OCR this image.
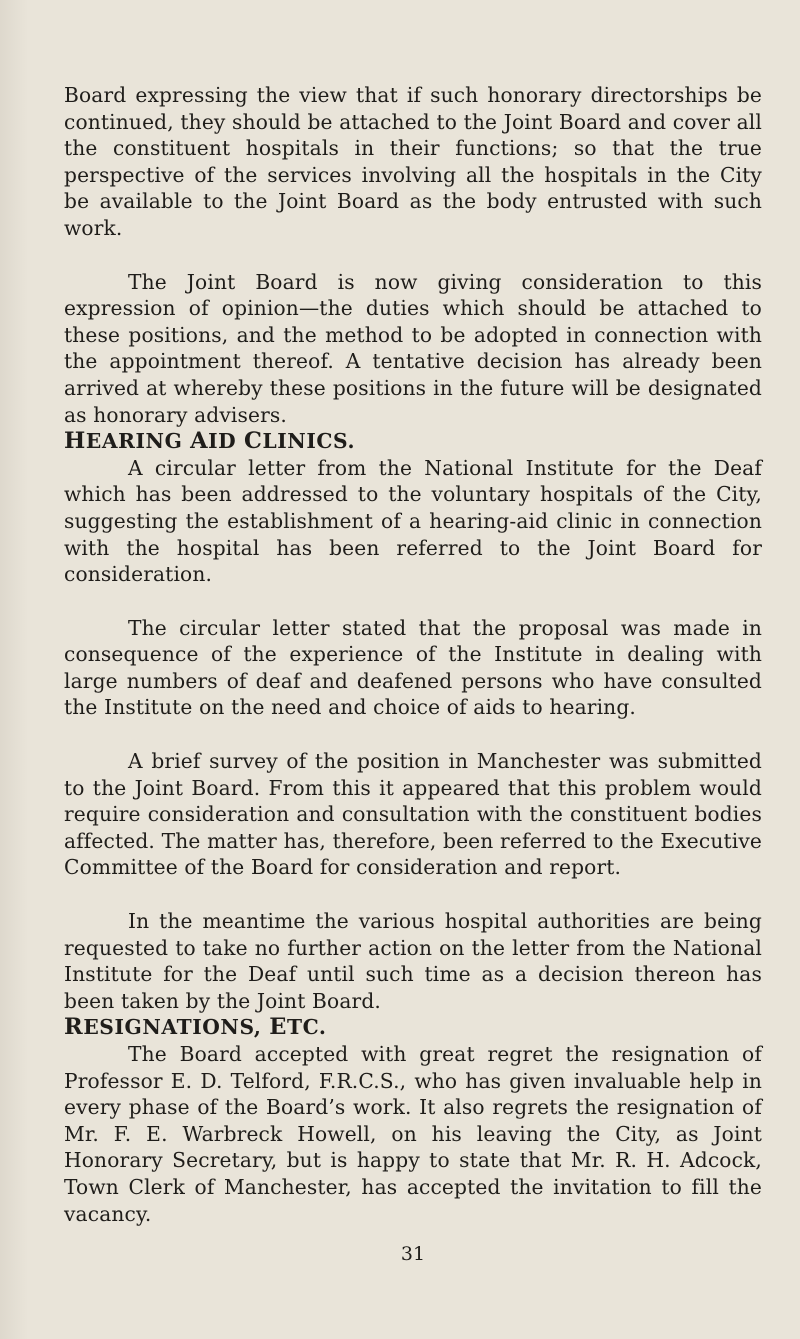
Board expressing the view that if such honorary directorships be continued, they should be attached to the Joint Board and cover all the constituent hospitals in their functions; so that the true perspective of the services involving all the hospitals in the City be available to the Joint Board as the body entrusted with such work.

The Joint Board is now giving consideration to this expression of opinion—the duties which should be attached to these positions, and the method to be adopted in connection with the appointment thereof. A tentative decision has already been arrived at whereby these positions in the future will be designated as honorary advisers.

HEARING AID CLINICS.

A circular letter from the National Institute for the Deaf which has been addressed to the voluntary hospitals of the City, suggesting the establishment of a hearing-aid clinic in connection with the hospital has been referred to the Joint Board for consideration.

The circular letter stated that the proposal was made in consequence of the experience of the Institute in dealing with large numbers of deaf and deafened persons who have consulted the Institute on the need and choice of aids to hearing.

A brief survey of the position in Manchester was submitted to the Joint Board. From this it appeared that this problem would require consideration and consultation with the constituent bodies affected. The matter has, therefore, been referred to the Executive Committee of the Board for consideration and report.

In the meantime the various hospital authorities are being requested to take no further action on the letter from the National Institute for the Deaf until such time as a decision thereon has been taken by the Joint Board.

RESIGNATIONS, ETC.

The Board accepted with great regret the resignation of Professor E. D. Telford, F.R.C.S., who has given invaluable help in every phase of the Board’s work. It also regrets the resignation of Mr. F. E. Warbreck Howell, on his leaving the City, as Joint Honorary Secretary, but is happy to state that Mr. R. H. Adcock, Town Clerk of Manchester, has accepted the invitation to fill the vacancy.

31
